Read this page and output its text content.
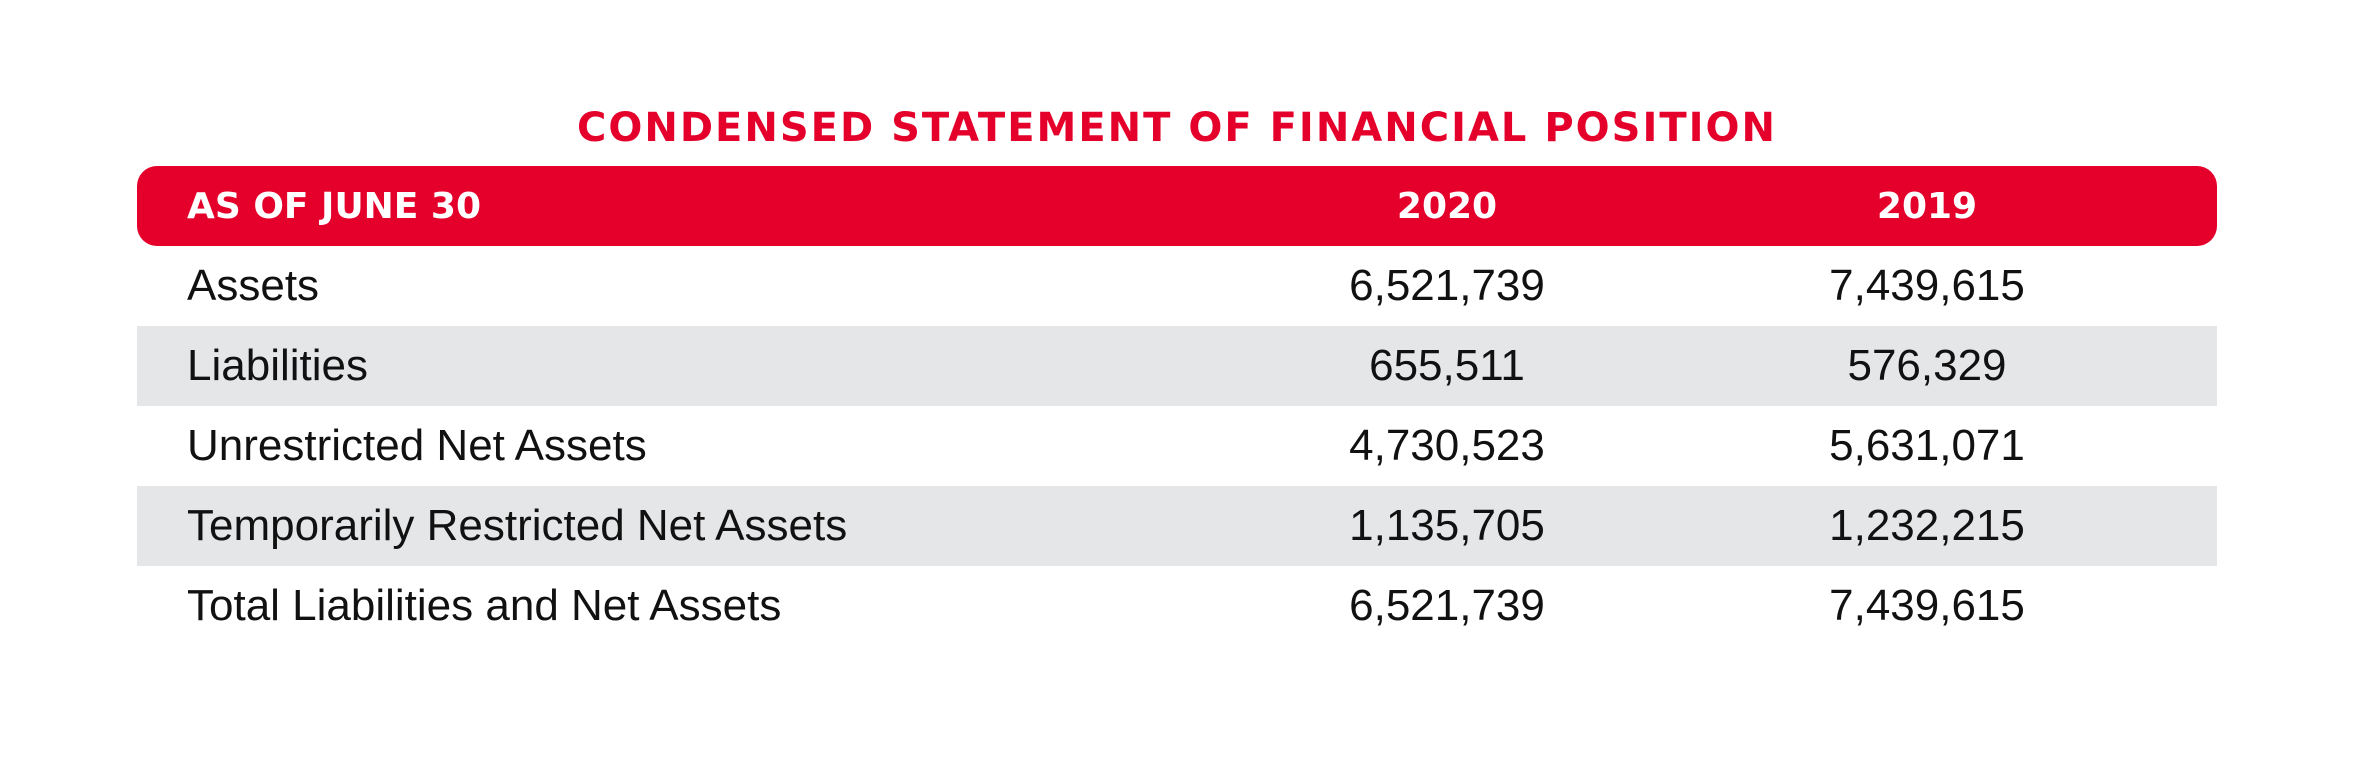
CONDENSED STATEMENT OF FINANCIAL POSITION
AS OF JUNE 30	2020	2019
Assets	6,521,739	7,439,615
Liabilities	655,511	576,329
Unrestricted Net Assets	4,730,523	5,631,071
Temporarily Restricted Net Assets	1,135,705	1,232,215
Total Liabilities and Net Assets	6,521,739	7,439,615
